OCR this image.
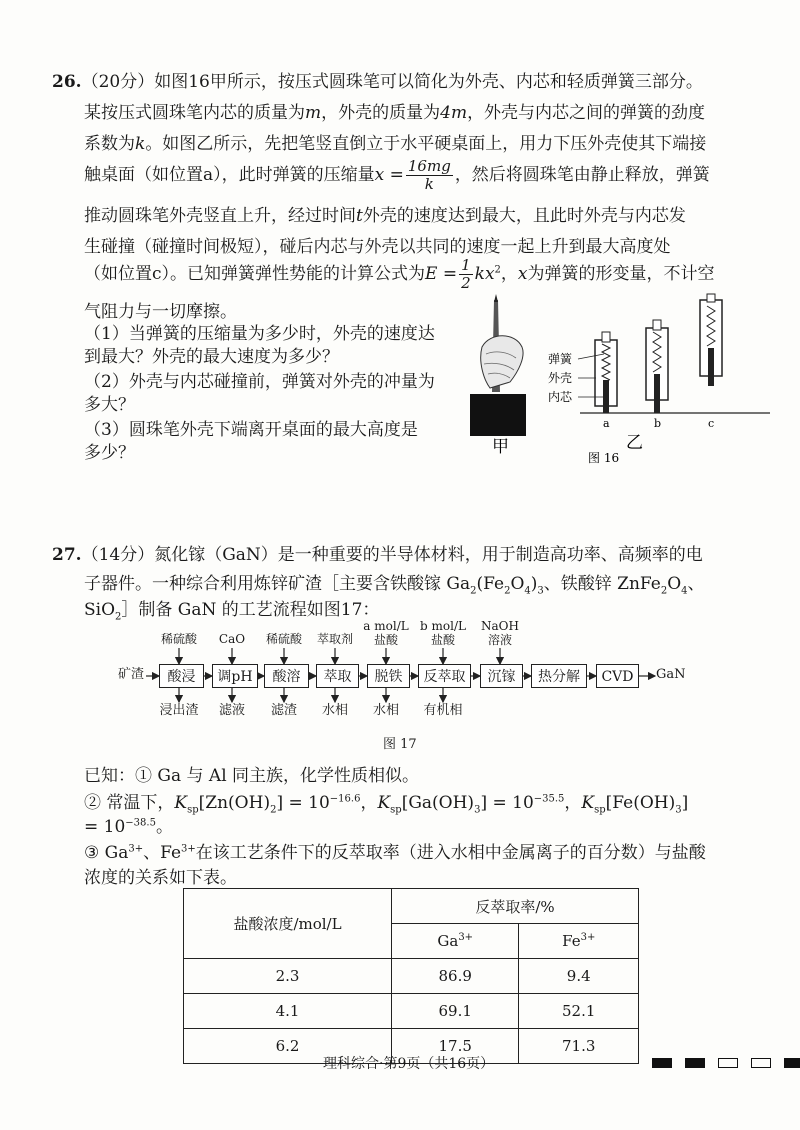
26.（20分）如图16甲所示，按压式圆珠笔可以简化为外壳、内芯和轻质弹簧三部分。
某按压式圆珠笔内芯的质量为m，外壳的质量为4m，外壳与内芯之间的弹簧的劲度
系数为k。如图乙所示，先把笔竖直倒立于水平硬桌面上，用力下压外壳使其下端接
触桌面（如位置a），此时弹簧的压缩量$x = \frac{16mg}{k}$ ，然后将圆珠笔由静止释放，弹簧
推动圆珠笔外壳竖直上升，经过时间t外壳的速度达到最大，且此时外壳与内芯发
生碰撞（碰撞时间极短），碰后内芯与外壳以共同的速度一起上升到最大高度处
（如位置c）。已知弹簧弹性势能的计算公式为$E = \frac{1}{2} kx^2$，x为弹簧的形变量，不计空
气阻力与一切摩擦。
（1）当弹簧的压缩量为多少时，外壳的速度达
到最大？外壳的最大速度为多少？
（2）外壳与内芯碰撞前，弹簧对外壳的冲量为
多大？
（3）圆珠笔外壳下端离开桌面的最大高度是
多少？
弹簧
外壳
内芯
a	b	c
甲	乙
图 16
27.（14分）氮化镓（GaN）是一种重要的半导体材料，用于制造高功率、高频率的电
子器件。一种综合利用炼锌矿渣［主要含铁酸镓 $Ga_2(Fe_2O_4)_3$、铁酸锌 $ZnFe_2O_4$、
SiO$_2$］制备 GaN 的工艺流程如图17：
矿渣	GaN
酸浸	调pH	酸溶	萃取	脱铁	反萃取	沉镓	热分解	CVD
稀硫酸	CaO	稀硫酸	萃取剂
a mol/L
盐酸
b mol/L
盐酸
NaOH
溶液
浸出渣	滤液	滤渣	水相	水相	有机相
图 17
已知：① Ga 与 Al 同主族，化学性质相似。
② 常温下，$K_{sp}[Zn(OH)_2] = 10^{-16.6}$，$K_{sp}[Ga(OH)_3] = 10^{-35.5}$，$K_{sp}[Fe(OH)_3]$
= $10^{-38.5}$。
③ $Ga^{3+}$、$Fe^{3+}$在该工艺条件下的反萃取率（进入水相中金属离子的百分数）与盐酸
浓度的关系如下表。
盐酸浓度/mol/L	反萃取率/%	
	$Ga^{3+}$	$Fe^{3+}$
2.3	86.9	9.4
4.1	69.1	52.1
6.2	17.5	71.3
理科综合·第9页（共16页）
